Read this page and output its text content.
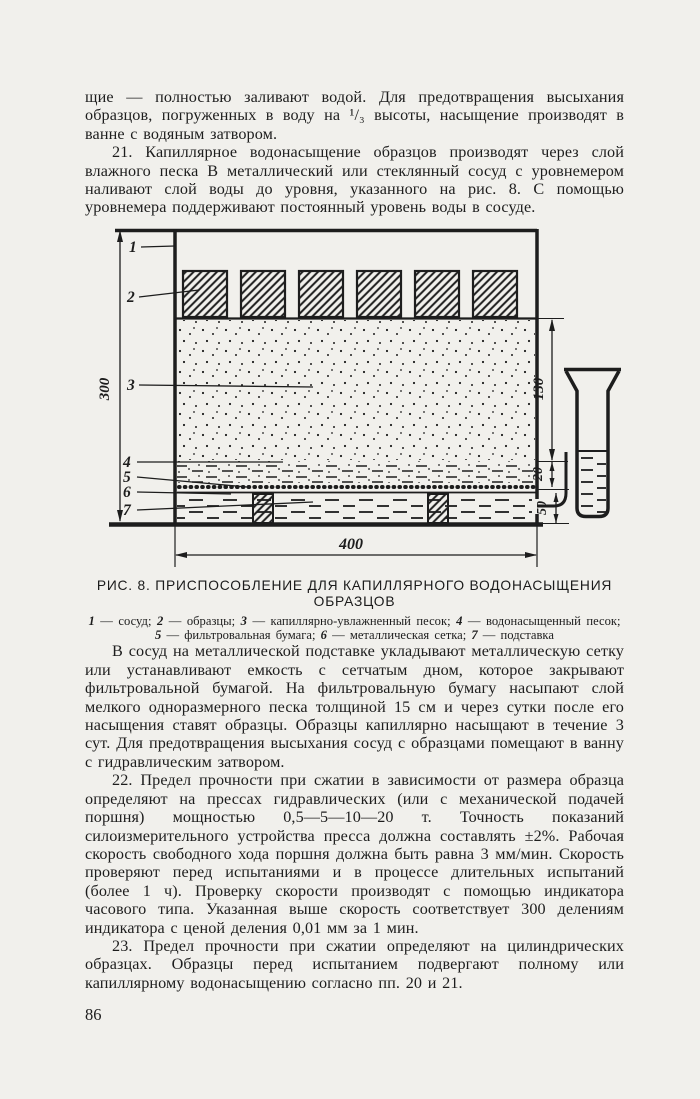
щие — полностью заливают водой. Для предотвращения высыхания образцов, погруженных в воду на ¹/₃ высоты, насыщение производят в ванне с водяным затвором.

21. Капиллярное водонасыщение образцов производят через слой влажного песка В металлический или стеклянный сосуд с уровнемером наливают слой воды до уровня, указанного на рис. 8. С помощью уровнемера поддерживают постоянный уровень воды в сосуде.

300	130
20
50
400
1
2
3
4
5
6
7
РИС. 8. ПРИСПОСОБЛЕНИЕ ДЛЯ КАПИЛЛЯРНОГО ВОДОНАСЫЩЕНИЯ
ОБРАЗЦОВ
1 — сосуд; 2 — образцы; 3 — капиллярно-увлажненный песок; 4 — водонасыщенный песок; 5 — фильтровальная бумага; 6 — металлическая сетка; 7 — подставка

В сосуд на металлической подставке укладывают металлическую сетку или устанавливают емкость с сетчатым дном, которое закрывают фильтровальной бумагой. На фильтровальную бумагу насыпают слой мелкого одноразмерного песка толщиной 15 см и через сутки после его насыщения ставят образцы. Образцы капиллярно насыщают в течение 3 сут. Для предотвращения высыхания сосуд с образцами помещают в ванну с гидравлическим затвором.

22. Предел прочности при сжатии в зависимости от размера образца определяют на прессах гидравлических (или с механической подачей поршня) мощностью 0,5—5—10—20 т. Точность показаний силоизмерительного устройства пресса должна составлять ±2%. Рабочая скорость свободного хода поршня должна быть равна 3 мм/мин. Скорость проверяют перед испытаниями и в процессе длительных испытаний (более 1 ч). Проверку скорости производят с помощью индикатора часового типа. Указанная выше скорость соответствует 300 делениям индикатора с ценой деления 0,01 мм за 1 мин.

23. Предел прочности при сжатии определяют на цилиндрических образцах. Образцы перед испытанием подвергают полному или капиллярному водонасыщению согласно пп. 20 и 21.

86
